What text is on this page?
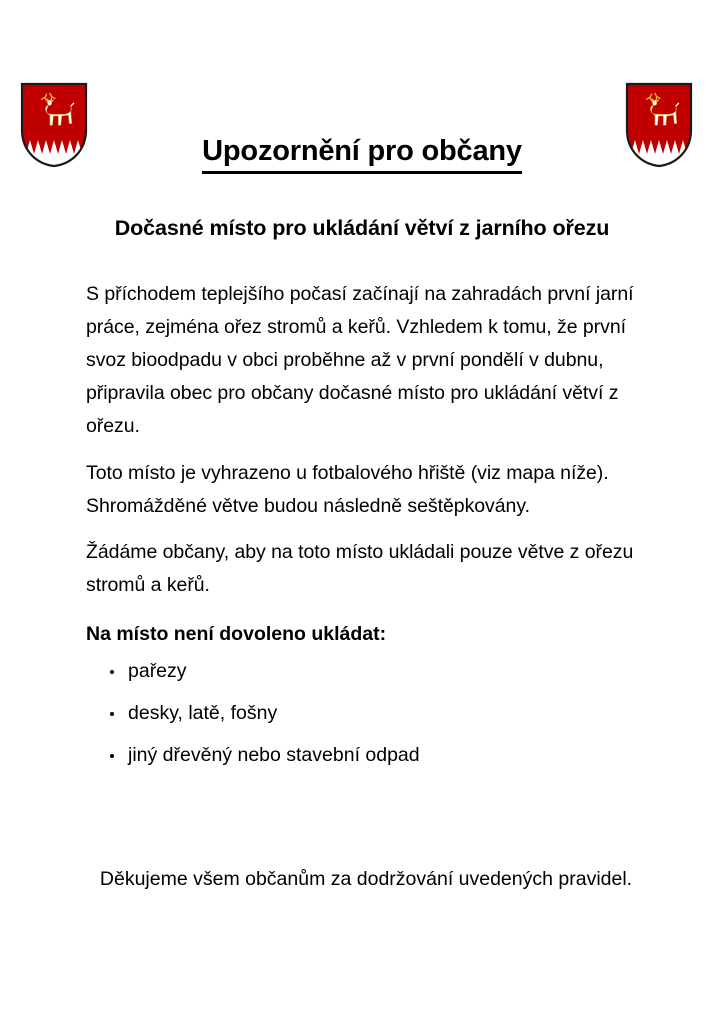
Upozornění pro občany
Dočasné místo pro ukládání větví z jarního ořezu

S příchodem teplejšího počasí začínají na zahradách první jarní práce, zejména ořez stromů a keřů. Vzhledem k tomu, že první svoz bioodpadu v obci proběhne až v první pondělí v dubnu, připravila obec pro občany dočasné místo pro ukládání větví z ořezu.

Toto místo je vyhrazeno u fotbalového hřiště (viz mapa níže). Shromážděné větve budou následně seštěpkovány.

Žádáme občany, aby na toto místo ukládali pouze větve z ořezu stromů a keřů.

Na místo není dovoleno ukládat:

pařezy
desky, latě, fošny
jiný dřevěný nebo stavební odpad

Děkujeme všem občanům za dodržování uvedených pravidel.
